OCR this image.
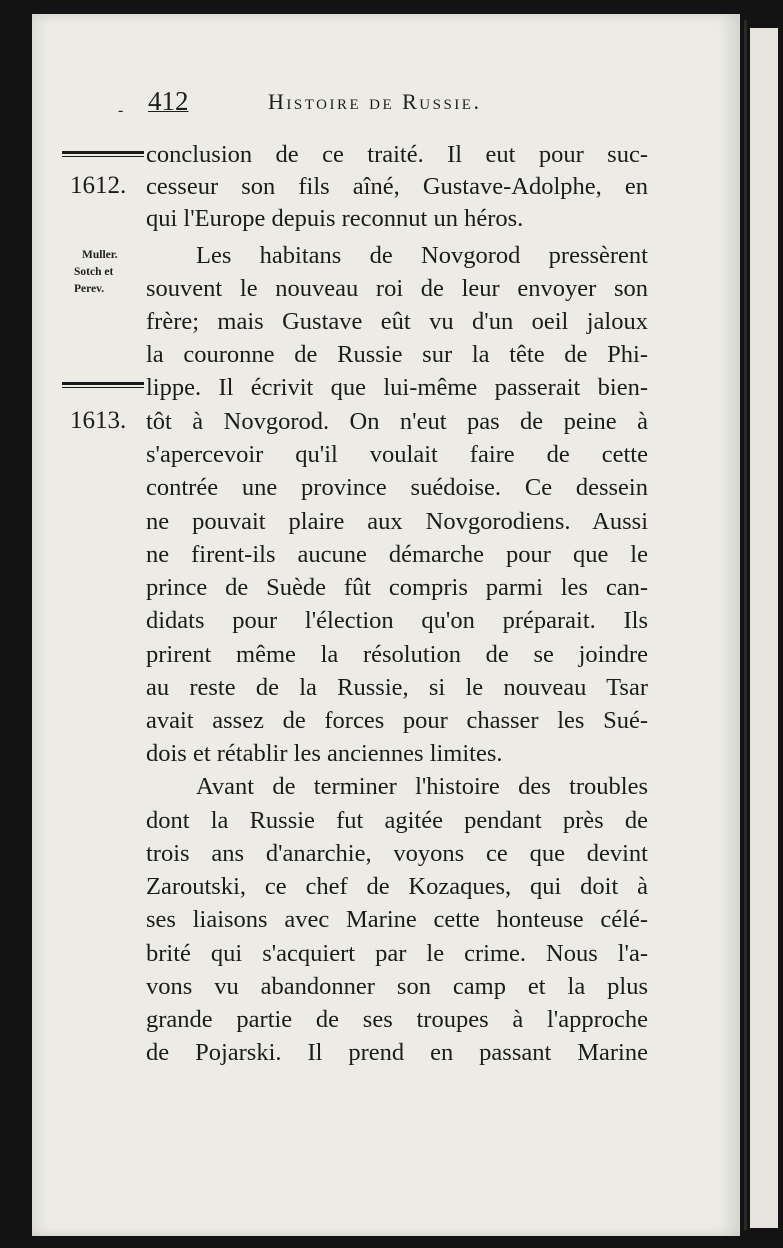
- 412	Histoire de Russie.
1612.
Muller.
Sotch et
Perev.
1613.
conclusion de ce traité. Il eut pour suc-
cesseur son fils aîné, Gustave-Adolphe, en
qui l'Europe depuis reconnut un héros.
Les habitans de Novgorod pressèrent
souvent le nouveau roi de leur envoyer son
frère; mais Gustave eût vu d'un oeil jaloux
la couronne de Russie sur la tête de Phi-
lippe. Il écrivit que lui-même passerait bien-
tôt à Novgorod. On n'eut pas de peine à
s'apercevoir qu'il voulait faire de cette
contrée une province suédoise. Ce dessein
ne pouvait plaire aux Novgorodiens. Aussi
ne firent-ils aucune démarche pour que le
prince de Suède fût compris parmi les can-
didats pour l'élection qu'on préparait. Ils
prirent même la résolution de se joindre
au reste de la Russie, si le nouveau Tsar
avait assez de forces pour chasser les Sué-
dois et rétablir les anciennes limites.
Avant de terminer l'histoire des troubles
dont la Russie fut agitée pendant près de
trois ans d'anarchie, voyons ce que devint
Zaroutski, ce chef de Kozaques, qui doit à
ses liaisons avec Marine cette honteuse célé-
brité qui s'acquiert par le crime. Nous l'a-
vons vu abandonner son camp et la plus
grande partie de ses troupes à l'approche
de Pojarski. Il prend en passant Marine
